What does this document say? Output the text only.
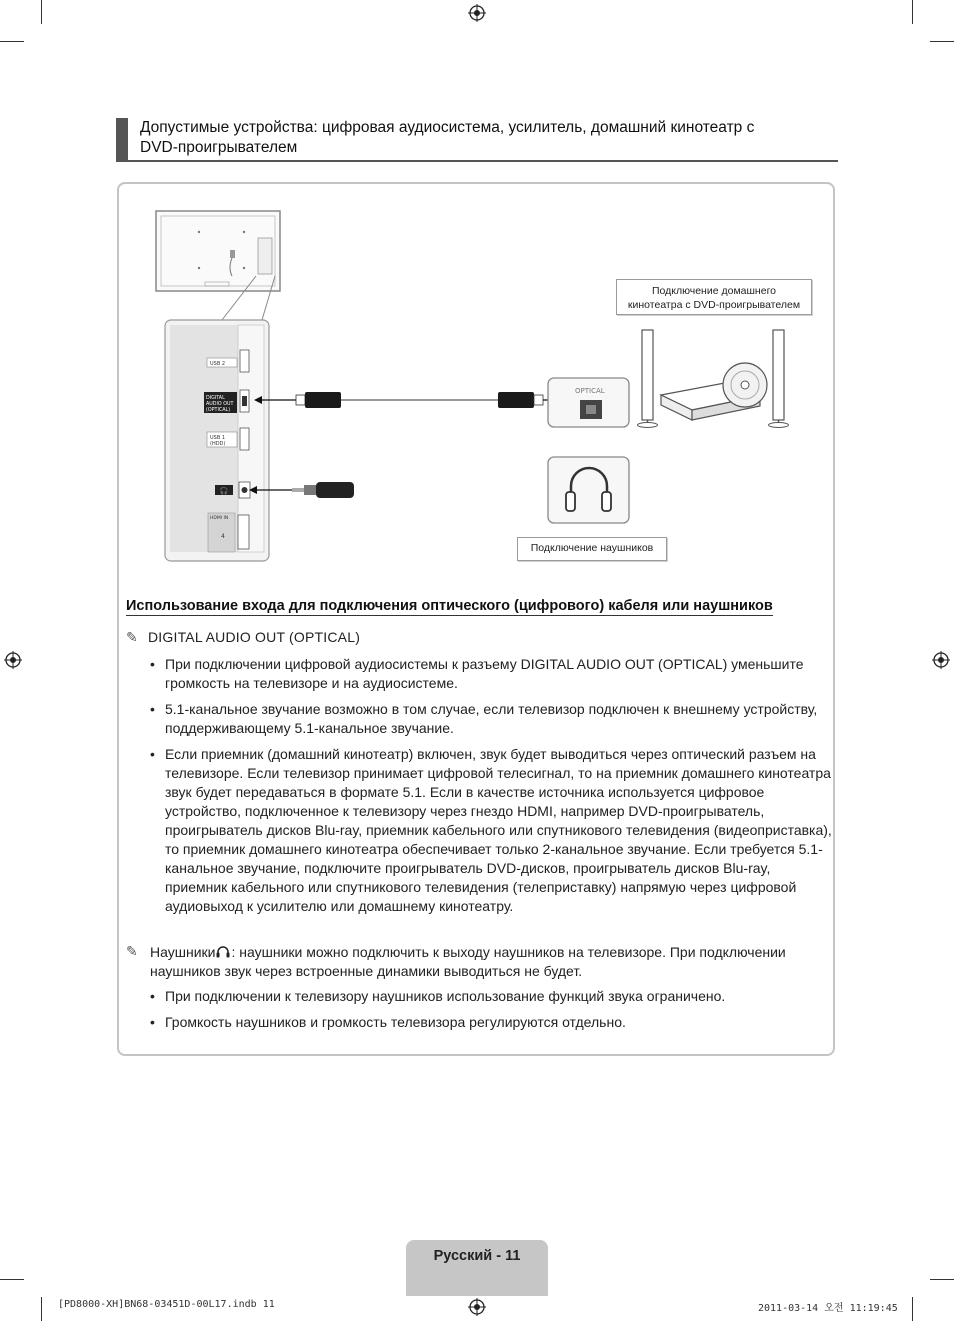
Допустимые устройства: цифровая аудиосистема, усилитель, домашний кинотеатр с
DVD-проигрывателем
🎧
USB 2
DIGITAL
AUDIO OUT
(OPTICAL)
USB 1
(HDD)
HDMI IN
4
OPTICAL
Подключение домашнего
кинотеатра с DVD-проигрывателем
Подключение наушников
Использование входа для подключения оптического (цифрового) кабеля или наушников
✎ DIGITAL AUDIO OUT (OPTICAL)
• При подключении цифровой аудиосистемы к разъему DIGITAL AUDIO OUT (OPTICAL) уменьшите громкость на телевизоре и на аудиосистеме.
• 5.1-канальное звучание возможно в том случае, если телевизор подключен к внешнему устройству, поддерживающему 5.1-канальное звучание.
• Если приемник (домашний кинотеатр) включен, звук будет выводиться через оптический разъем на телевизоре. Если телевизор принимает цифровой телесигнал, то на приемник домашнего кинотеатра звук будет передаваться в формате 5.1. Если в качестве источника используется цифровое устройство, подключенное к телевизору через гнездо HDMI, например DVD-проигрыватель, проигрыватель дисков Blu-ray, приемник кабельного или спутникового телевидения (видеоприставка), то приемник домашнего кинотеатра обеспечивает только 2-канальное звучание. Если требуется 5.1-канальное звучание, подключите проигрыватель DVD-дисков, проигрыватель дисков Blu-ray, приемник кабельного или спутникового телевидения (телеприставку) напрямую через цифровой аудиовыход к усилителю или домашнему кинотеатру.
✎ Наушники : наушники можно подключить к выходу наушников на телевизоре. При подключении наушников звук через встроенные динамики выводиться не будет.
• При подключении к телевизору наушников использование функций звука ограничено.
• Громкость наушников и громкость телевизора регулируются отдельно.
Русский - 11
[PD8000-XH]BN68-03451D-00L17.indb 11	2011-03-14 오전 11:19:45
